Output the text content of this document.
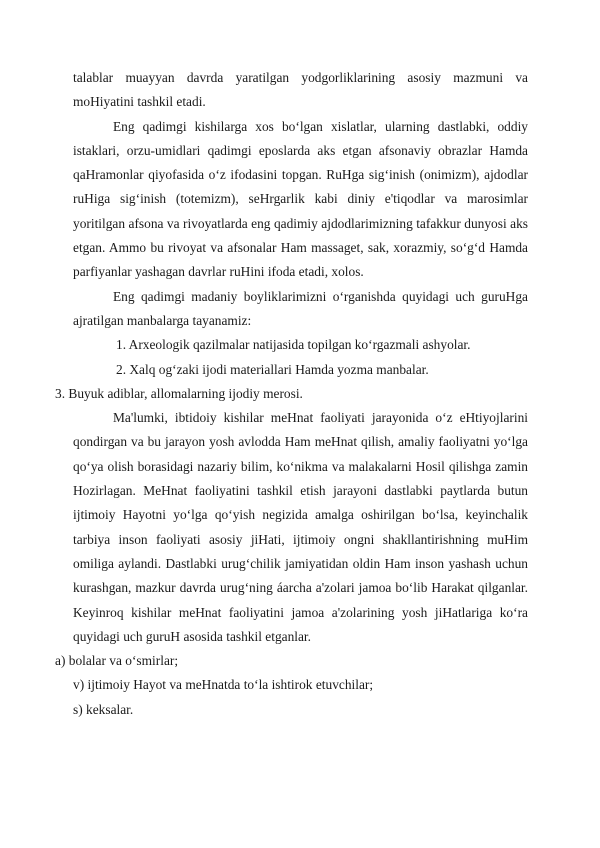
talablar muayyan davrda yaratilgan yodgorliklarining asosiy mazmuni va moHiyatini tashkil etadi.

Eng qadimgi kishilarga xos bo‘lgan xislatlar, ularning dastlabki, oddiy istaklari, orzu-umidlari qadimgi eposlarda aks etgan afsonaviy obrazlar Hamda qaHramonlar qiyofasida o‘z ifodasini topgan. RuHga sig‘inish (onimizm), ajdodlar ruHiga sig‘inish (totemizm), seHrgarlik kabi diniy e'tiqodlar va marosimlar yoritilgan afsona va rivoyatlarda eng qadimiy ajdodlarimizning tafakkur dunyosi aks etgan. Ammo bu rivoyat va afsonalar Ham massaget, sak, xorazmiy, so‘g‘d Hamda parfiyanlar yashagan davrlar ruHini ifoda etadi, xolos.

Eng qadimgi madaniy boyliklarimizni o‘rganishda quyidagi uch guruHga ajratilgan manbalarga tayanamiz:

1. Arxeologik qazilmalar natijasida topilgan ko‘rgazmali ashyolar.

2. Xalq og‘zaki ijodi materiallari Hamda yozma manbalar.

3. Buyuk adiblar, allomalarning ijodiy merosi.

Ma'lumki, ibtidoiy kishilar meHnat faoliyati jarayonida o‘z eHtiyojlarini qondirgan va bu jarayon yosh avlodda Ham meHnat qilish, amaliy faoliyatni yo‘lga qo‘ya olish borasidagi nazariy bilim, ko‘nikma va malakalarni Hosil qilishga zamin Hozirlagan. MeHnat faoliyatini tashkil etish jarayoni dastlabki paytlarda butun ijtimoiy Hayotni yo‘lga qo‘yish negizida amalga oshirilgan bo‘lsa, keyinchalik tarbiya inson faoliyati asosiy jiHati, ijtimoiy ongni shakllantirishning muHim omiliga aylandi. Dastlabki urug‘chilik jamiyatidan oldin Ham inson yashash uchun kurashgan, mazkur davrda urug‘ning áarcha a'zolari jamoa bo‘lib Harakat qilganlar. Keyinroq kishilar meHnat faoliyatini jamoa a'zolarining yosh jiHatlariga ko‘ra quyidagi uch guruH asosida tashkil etganlar.

a) bolalar va o‘smirlar;

v) ijtimoiy Hayot va meHnatda to‘la ishtirok etuvchilar;

s) keksalar.
